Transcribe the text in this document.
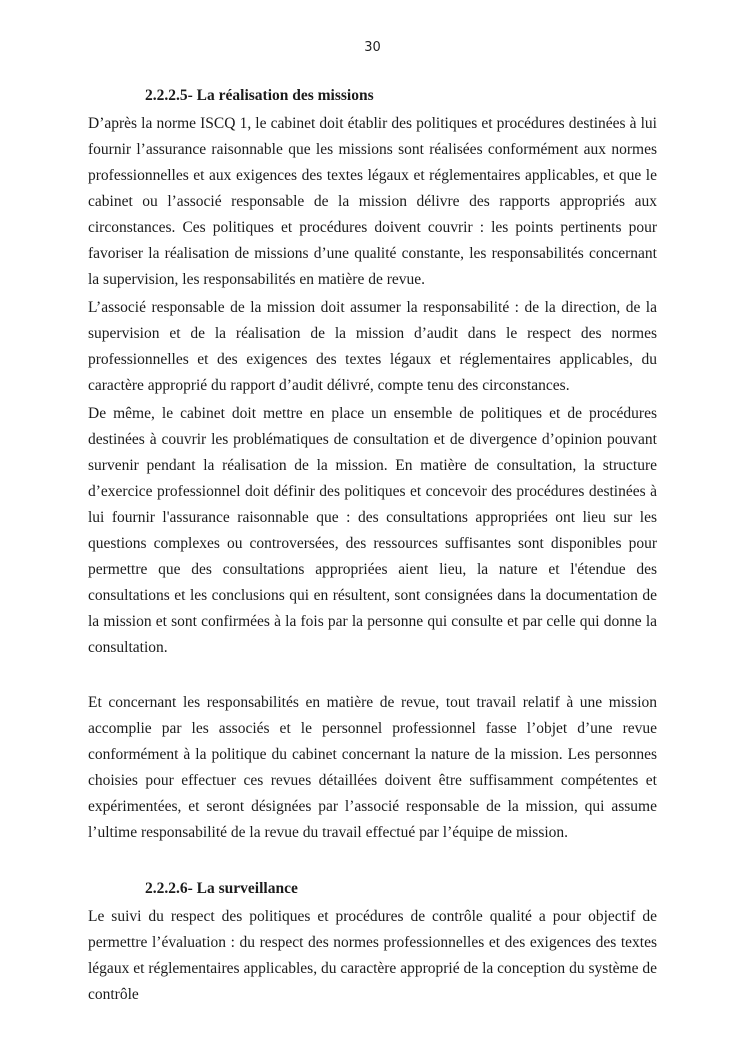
30
2.2.2.5- La réalisation des missions

D’après la norme ISCQ 1, le cabinet doit établir des politiques et procédures destinées à lui fournir l’assurance raisonnable que les missions sont réalisées conformément aux normes professionnelles et aux exigences des textes légaux et réglementaires applicables, et que le cabinet ou l’associé responsable de la mission délivre des rapports appropriés aux circonstances. Ces politiques et procédures doivent couvrir : les points pertinents pour favoriser la réalisation de missions d’une qualité constante, les responsabilités concernant la supervision, les responsabilités en matière de revue.

L’associé responsable de la mission doit assumer la responsabilité : de la direction, de la supervision et de la réalisation de la mission d’audit dans le respect des normes professionnelles et des exigences des textes légaux et réglementaires applicables, du caractère approprié du rapport d’audit délivré, compte tenu des circonstances.

De même, le cabinet doit mettre en place un ensemble de politiques et de procédures destinées à couvrir les problématiques de consultation et de divergence d’opinion pouvant survenir pendant la réalisation de la mission. En matière de consultation, la structure d’exercice professionnel doit définir des politiques et concevoir des procédures destinées à lui fournir l'assurance raisonnable que : des consultations appropriées ont lieu sur les questions complexes ou controversées, des ressources suffisantes sont disponibles pour permettre que des consultations appropriées aient lieu, la nature et l'étendue des consultations et les conclusions qui en résultent, sont consignées dans la documentation de la mission et sont confirmées à la fois par la personne qui consulte et par celle qui donne la consultation.

Et concernant les responsabilités en matière de revue, tout travail relatif à une mission accomplie par les associés et le personnel professionnel fasse l’objet d’une revue conformément à la politique du cabinet concernant la nature de la mission. Les personnes choisies pour effectuer ces revues détaillées doivent être suffisamment compétentes et expérimentées, et seront désignées par l’associé responsable de la mission, qui assume l’ultime responsabilité de la revue du travail effectué par l’équipe de mission.

2.2.2.6- La surveillance

Le suivi du respect des politiques et procédures de contrôle qualité a pour objectif de permettre l’évaluation : du respect des normes professionnelles et des exigences des textes légaux et réglementaires applicables, du caractère approprié de la conception du système de contrôle
